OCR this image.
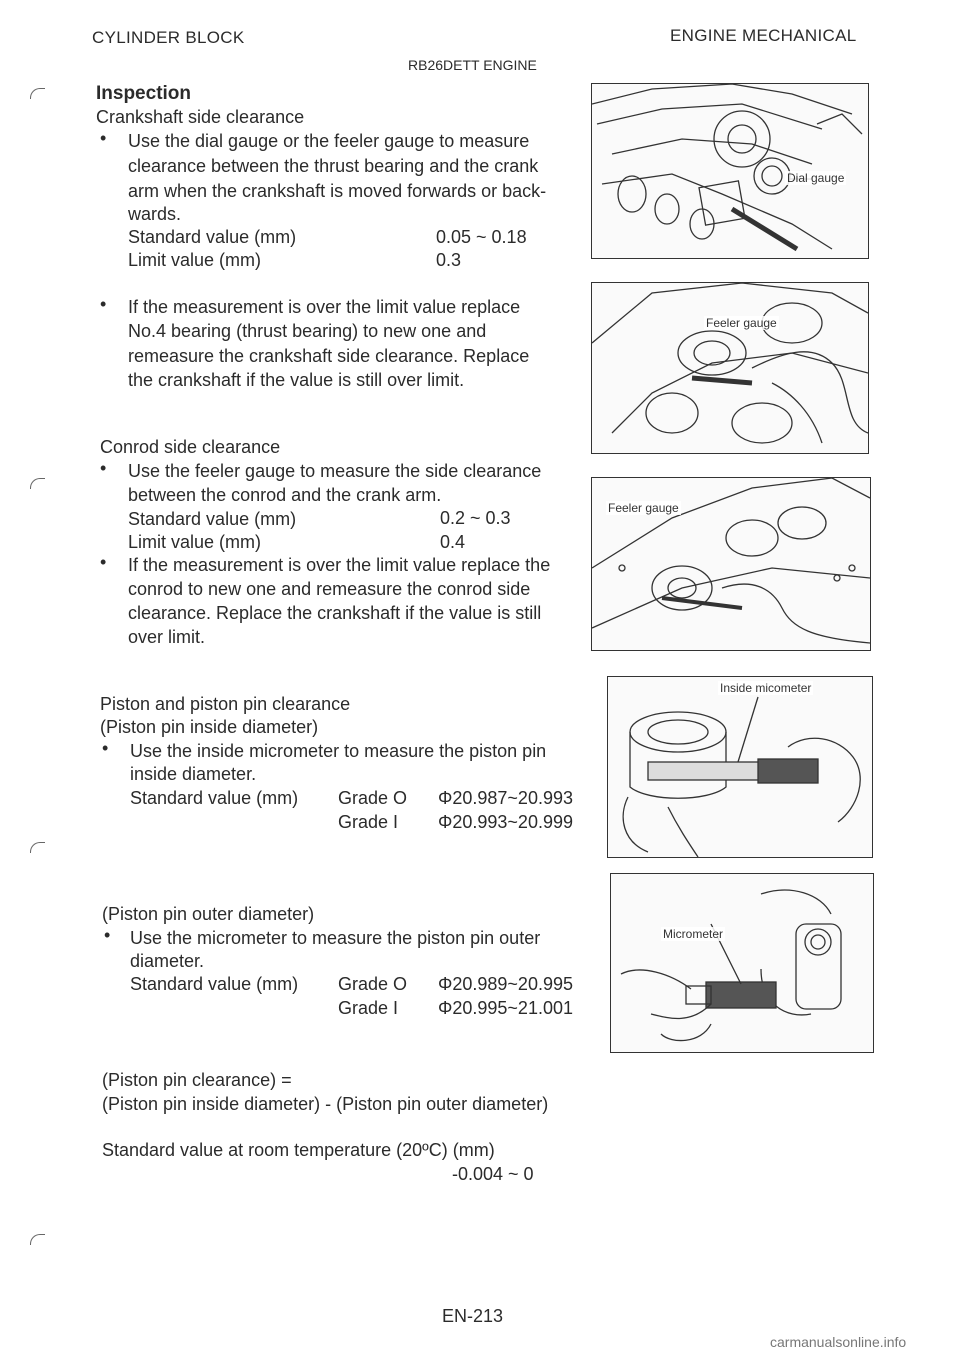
CYLINDER BLOCK	ENGINE MECHANICAL
RB26DETT ENGINE
Inspection
Crankshaft side clearance
• Use the dial gauge or the feeler gauge to measure
clearance between the thrust bearing and the crank
arm when the crankshaft is moved forwards or back-
wards.
Standard value (mm)	0.05 ~ 0.18
Limit value (mm)	0.3
• If the measurement is over the limit value replace
No.4 bearing (thrust bearing) to new one and
remeasure the crankshaft side clearance. Replace
the crankshaft if the value is still over limit.
Conrod side clearance
• Use the feeler gauge to measure the side clearance
between the conrod and the crank arm.
Standard value (mm)	0.2 ~ 0.3
Limit value (mm)	0.4
• If the measurement is over the limit value replace the
conrod to new one and remeasure the conrod side
clearance. Replace the crankshaft if the value is still
over limit.
Piston and piston pin clearance
(Piston pin inside diameter)
• Use the inside micrometer to measure the piston pin
inside diameter.
Standard value (mm) Grade O Φ20.987~20.993
Grade I Φ20.993~20.999
(Piston pin outer diameter)
• Use the micrometer to measure the piston pin outer
diameter.
Standard value (mm) Grade O Φ20.989~20.995
Grade I Φ20.995~21.001
(Piston pin clearance) =
(Piston pin inside diameter) - (Piston pin outer diameter)
Standard value at room temperature (20ºC) (mm)
-0.004 ~ 0
EN-213
carmanualsonline.info
Dial gauge
Feeler gauge
Feeler gauge
Inside micometer
Micrometer
